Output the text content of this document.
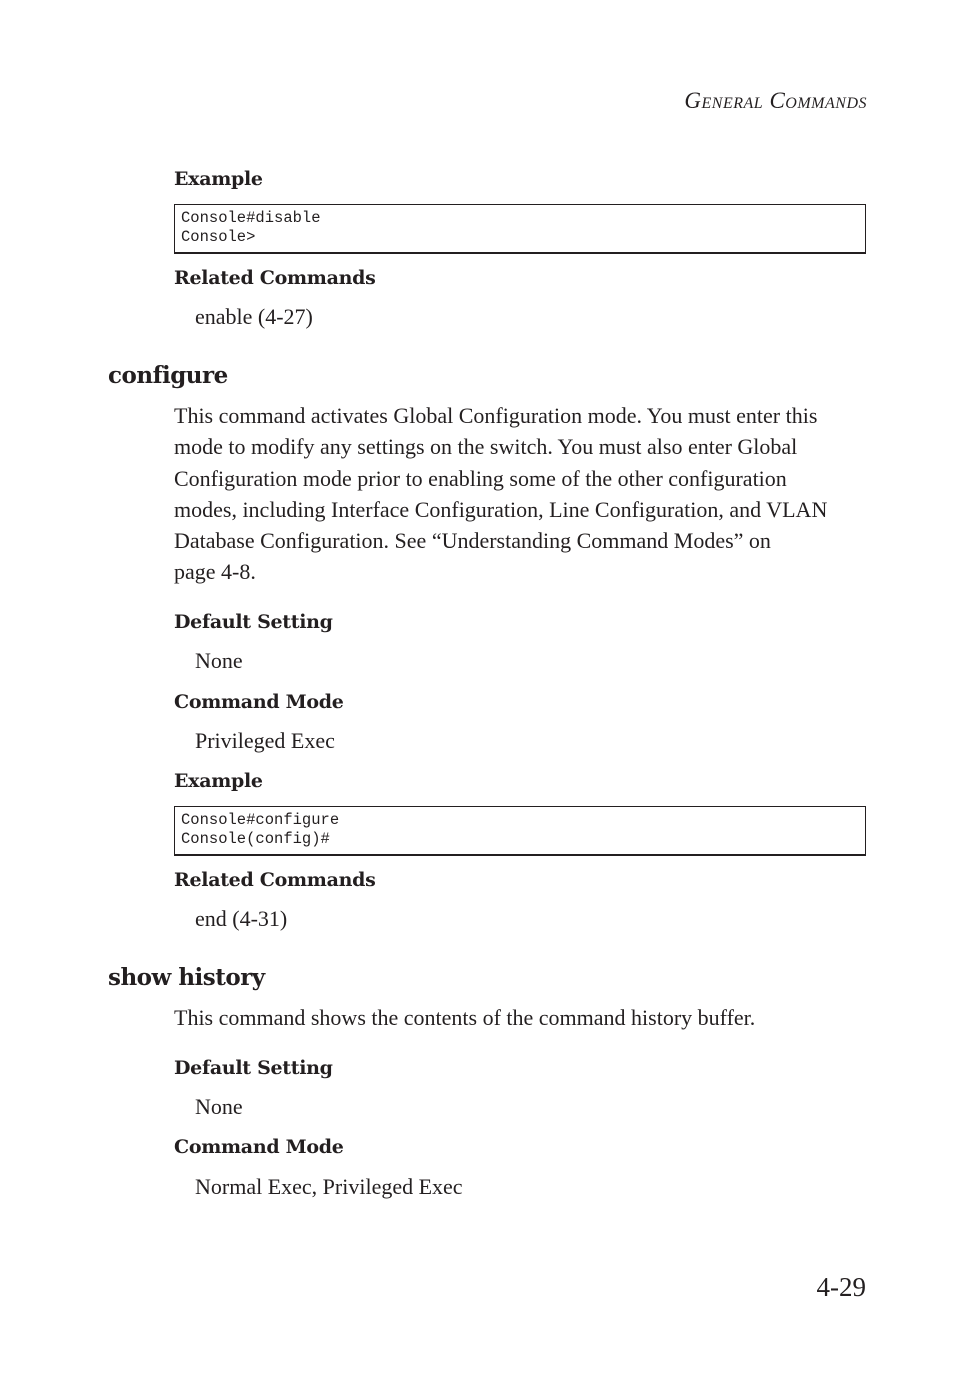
General Commands
Example
Console#disable
Console>
Related Commands
enable (4-27)
configure
This command activates Global Configuration mode. You must enter this
mode to modify any settings on the switch. You must also enter Global
Configuration mode prior to enabling some of the other configuration
modes, including Interface Configuration, Line Configuration, and VLAN
Database Configuration. See “Understanding Command Modes” on
page 4-8.
Default Setting
None
Command Mode
Privileged Exec
Example
Console#configure
Console(config)#
Related Commands
end (4-31)
show history
This command shows the contents of the command history buffer.
Default Setting
None
Command Mode
Normal Exec, Privileged Exec
4-29
